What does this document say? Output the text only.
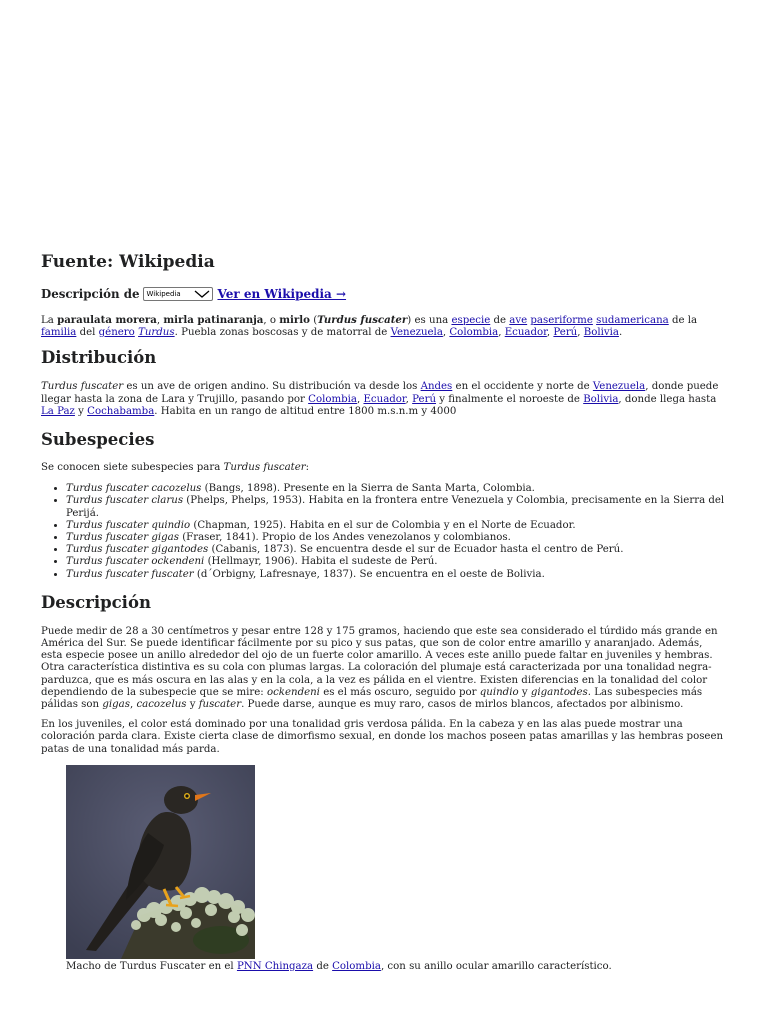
Fuente: Wikipedia
Descripción de Wikipedia	Ver en Wikipedia →

La paraulata morera, mirla patinaranja, o mirlo (Turdus fuscater) es una especie de ave paseriforme sudamericana de la familia del género Turdus. Puebla zonas boscosas y de matorral de Venezuela, Colombia, Ecuador, Perú, Bolivia.

Distribución

Turdus fuscater es un ave de origen andino. Su distribución va desde los Andes en el occidente y norte de Venezuela, donde puede llegar hasta la zona de Lara y Trujillo, pasando por Colombia, Ecuador, Perú y finalmente el noroeste de Bolivia, donde llega hasta La Paz y Cochabamba. Habita en un rango de altitud entre 1800 m.s.n.m y 4000

Subespecies

Se conocen siete subespecies para Turdus fuscater:

• Turdus fuscater cacozelus (Bangs, 1898). Presente en la Sierra de Santa Marta, Colombia.
• Turdus fuscater clarus (Phelps, Phelps, 1953). Habita en la frontera entre Venezuela y Colombia, precisamente en la Sierra del Perijá.
• Turdus fuscater quindio (Chapman, 1925). Habita en el sur de Colombia y en el Norte de Ecuador.
• Turdus fuscater gigas (Fraser, 1841). Propio de los Andes venezolanos y colombianos.
• Turdus fuscater gigantodes (Cabanis, 1873). Se encuentra desde el sur de Ecuador hasta el centro de Perú.
• Turdus fuscater ockendeni (Hellmayr, 1906). Habita el sudeste de Perú.
• Turdus fuscater fuscater (d´Orbigny, Lafresnaye, 1837). Se encuentra en el oeste de Bolivia.
Descripción

Puede medir de 28 a 30 centímetros y pesar entre 128 y 175 gramos, haciendo que este sea considerado el túrdido más grande en América del Sur. Se puede identificar fácilmente por su pico y sus patas, que son de color entre amarillo y anaranjado. Además, esta especie posee un anillo alrededor del ojo de un fuerte color amarillo. A veces este anillo puede faltar en juveniles y hembras. Otra característica distintiva es su cola con plumas largas. La coloración del plumaje está caracterizada por una tonalidad negra-parduzca, que es más oscura en las alas y en la cola, a la vez es pálida en el vientre. Existen diferencias en la tonalidad del color dependiendo de la subespecie que se mire: ockendeni es el más oscuro, seguido por quindio y gigantodes. Las subespecies más pálidas son gigas, cacozelus y fuscater. Puede darse, aunque es muy raro, casos de mirlos blancos, afectados por albinismo.

En los juveniles, el color está dominado por una tonalidad gris verdosa pálida. En la cabeza y en las alas puede mostrar una coloración parda clara. Existe cierta clase de dimorfismo sexual, en donde los machos poseen patas amarillas y las hembras poseen patas de una tonalidad más parda.

Macho de Turdus Fuscater en el PNN Chingaza de Colombia, con su anillo ocular amarillo característico.
